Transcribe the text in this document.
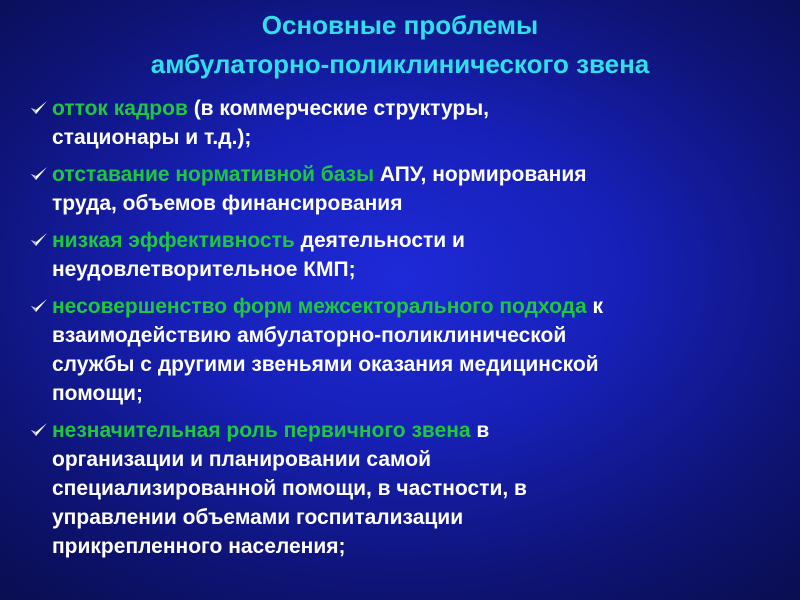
Основные проблемы
амбулаторно-поликлинического звена
отток кадров (в коммерческие структуры,
стационары и т.д.);
отставание нормативной базы АПУ, нормирования
труда, объемов финансирования
низкая эффективность деятельности и
неудовлетворительное КМП;
несовершенство форм межсекторального подхода к
взаимодействию амбулаторно-поликлинической
службы с другими звеньями оказания медицинской
помощи;
незначительная роль первичного звена в
организации и планировании самой
специализированной помощи, в частности, в
управлении объемами госпитализации
прикрепленного населения;
